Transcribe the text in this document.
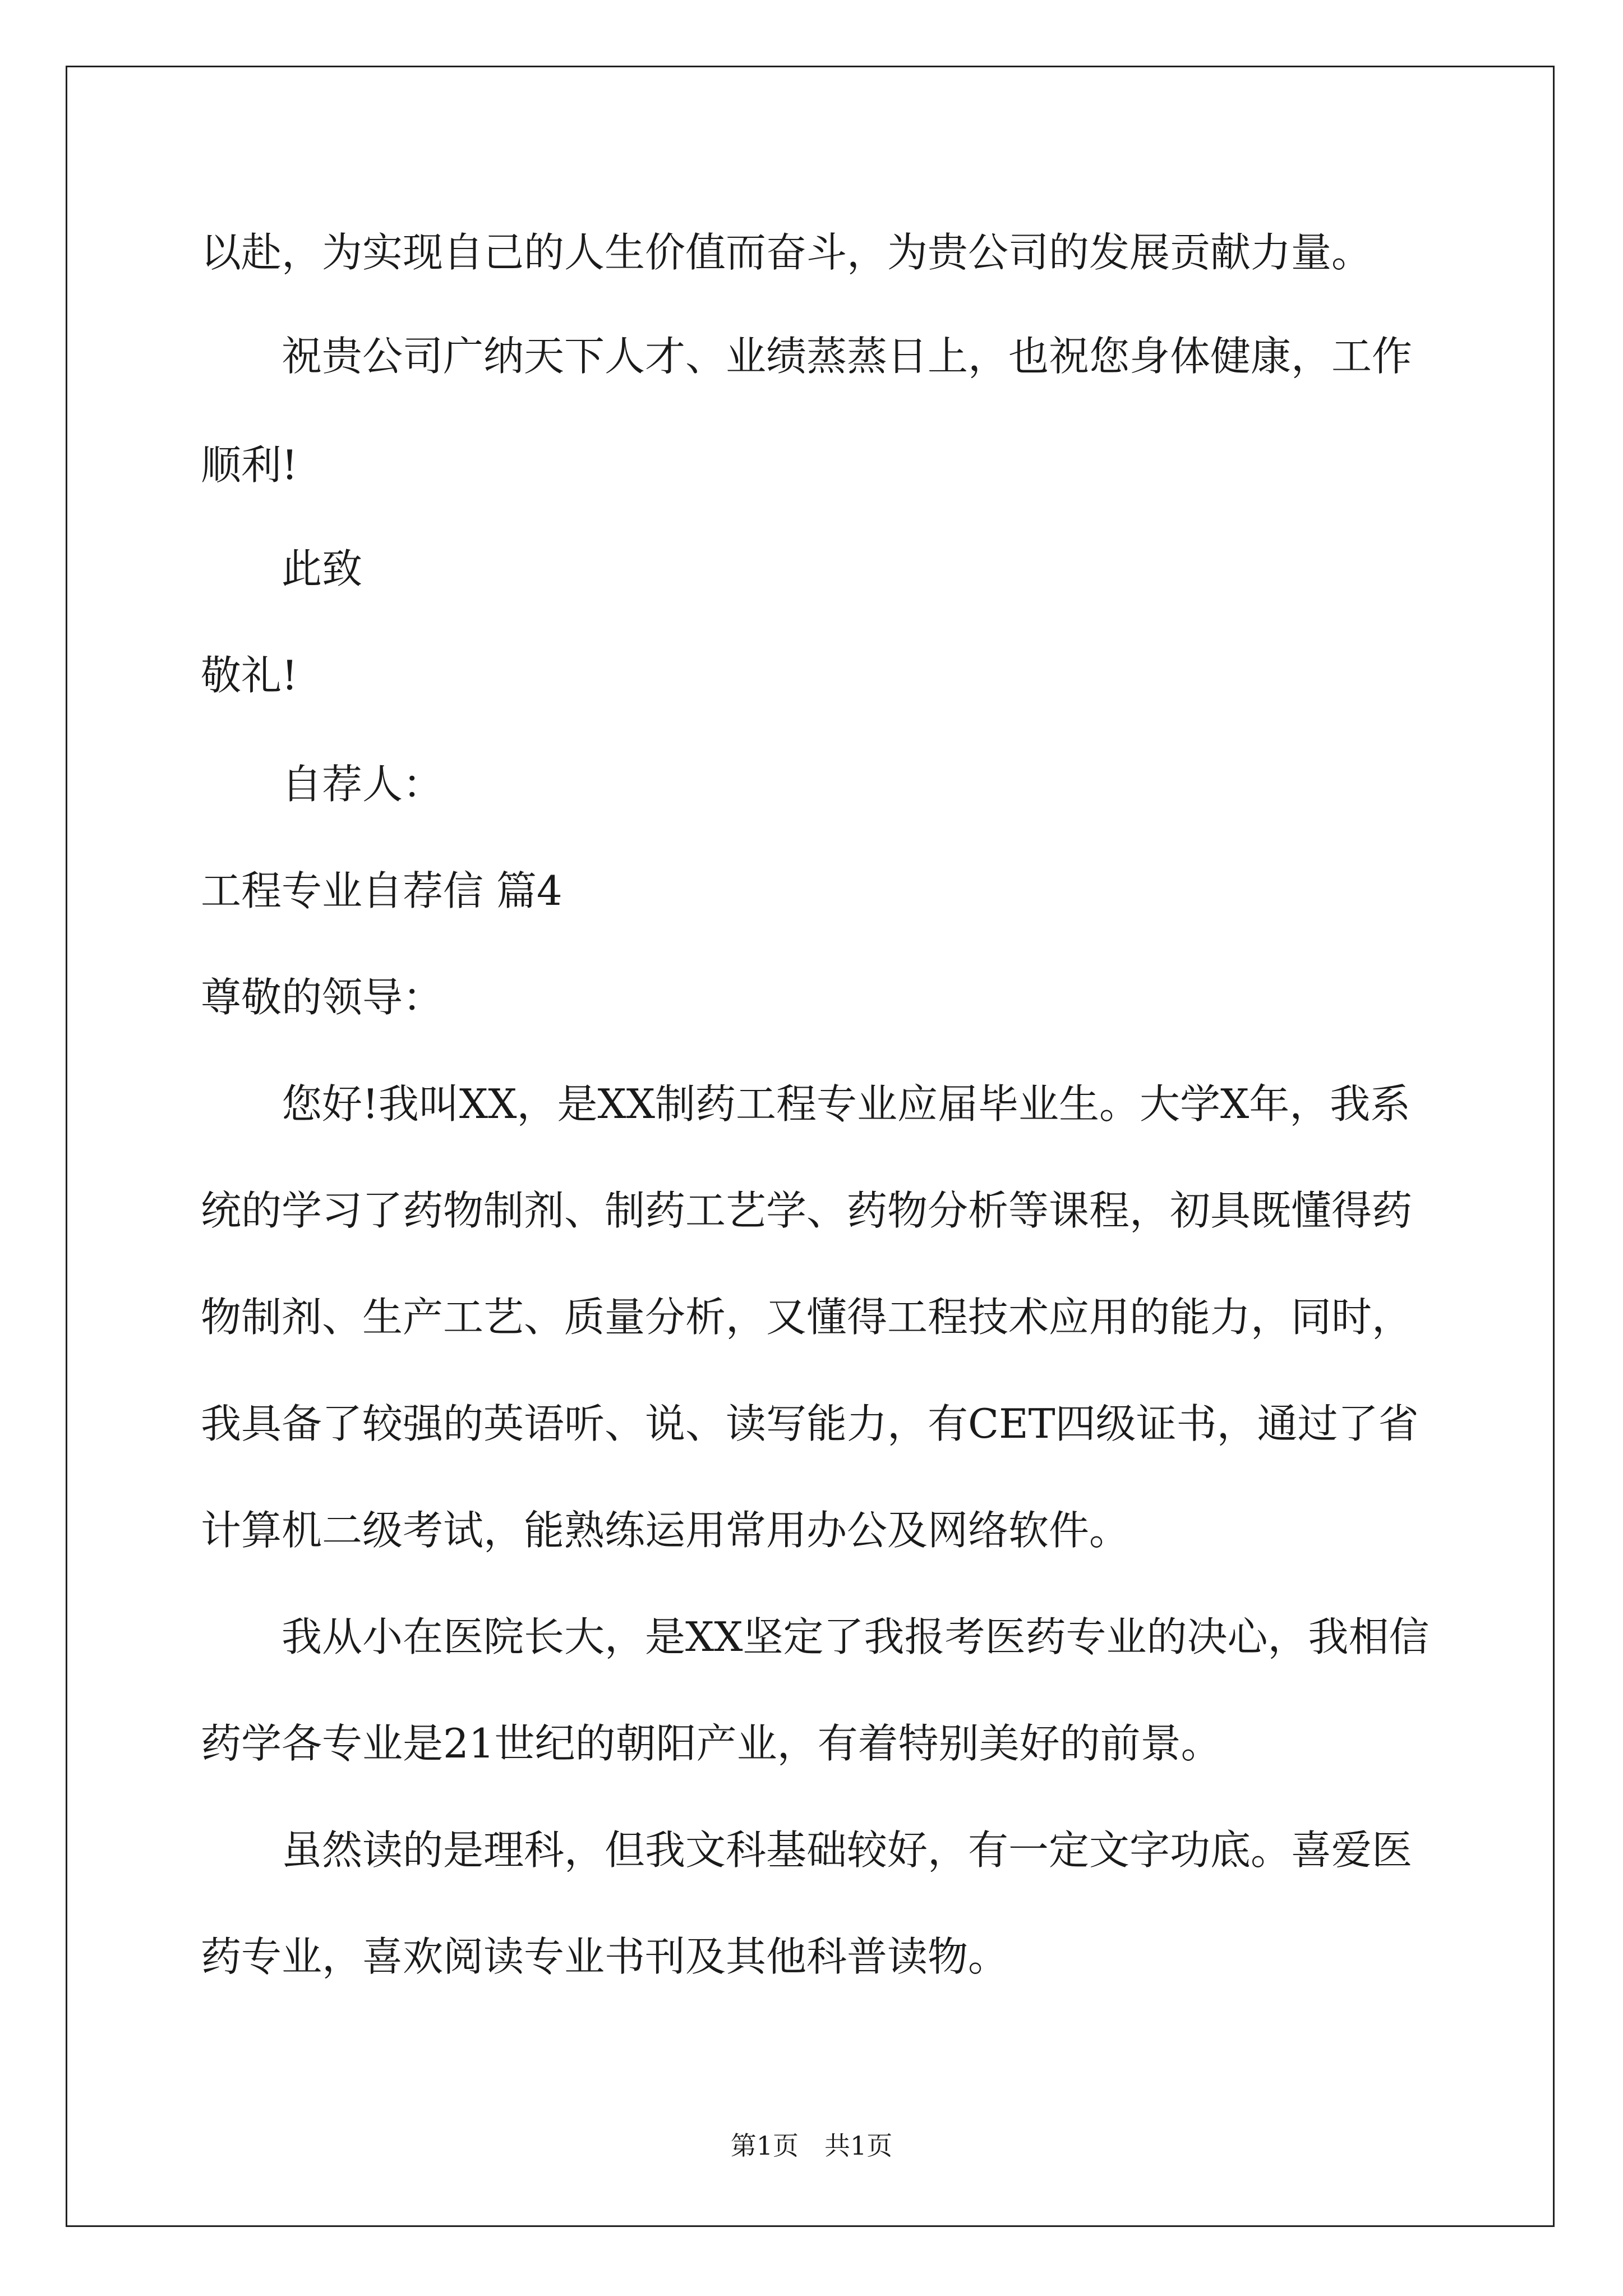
以赴，为实现自己的人生价值而奋斗，为贵公司的发展贡献力量。
祝贵公司广纳天下人才、业绩蒸蒸日上，也祝您身体健康，工作
顺利!
此致
敬礼!
自荐人：
工程专业自荐信 篇4
尊敬的领导：
您好!我叫XX，是XX制药工程专业应届毕业生。大学X年，我系
统的学习了药物制剂、制药工艺学、药物分析等课程，初具既懂得药
物制剂、生产工艺、质量分析，又懂得工程技术应用的能力，同时，
我具备了较强的英语听、说、读写能力，有CET四级证书，通过了省
计算机二级考试，能熟练运用常用办公及网络软件。
我从小在医院长大，是XX坚定了我报考医药专业的决心，我相信
药学各专业是21世纪的朝阳产业，有着特别美好的前景。
虽然读的是理科，但我文科基础较好，有一定文字功底。喜爱医
药专业，喜欢阅读专业书刊及其他科普读物。
第1页　共1页
